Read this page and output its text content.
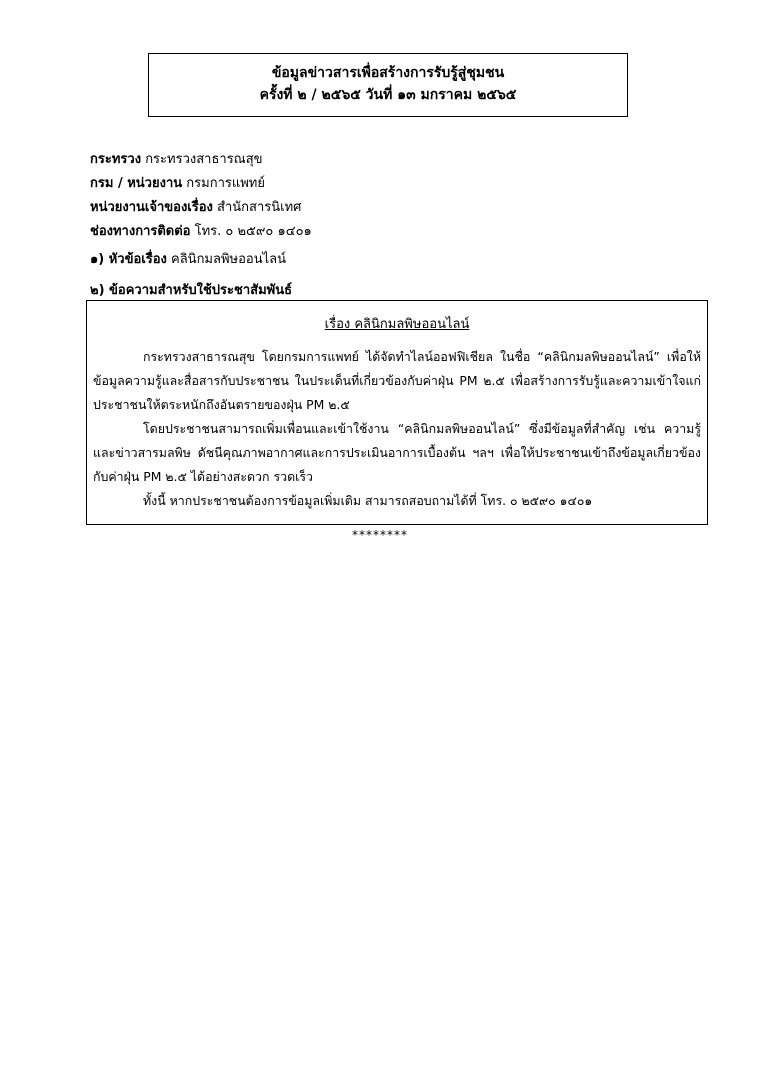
ข้อมูลข่าวสารเพื่อสร้างการรับรู้สู่ชุมชน
ครั้งที่ ๒ / ๒๕๖๕ วันที่ ๑๓ มกราคม ๒๕๖๕
กระทรวง กระทรวงสาธารณสุข
กรม / หน่วยงาน กรมการแพทย์
หน่วยงานเจ้าของเรื่อง สำนักสารนิเทศ
ช่องทางการติดต่อ โทร. ๐ ๒๕๙๐ ๑๔๐๑
๑) หัวข้อเรื่อง คลินิกมลพิษออนไลน์
๒) ข้อความสำหรับใช้ประชาสัมพันธ์
เรื่อง คลินิกมลพิษออนไลน์
กระทรวงสาธารณสุข โดยกรมการแพทย์ ได้จัดทำไลน์ออฟฟิเชียล ในชื่อ “คลินิกมลพิษออนไลน์” เพื่อให้ข้อมูลความรู้และสื่อสารกับประชาชน ในประเด็นที่เกี่ยวข้องกับค่าฝุ่น PM ๒.๕ เพื่อสร้างการรับรู้และความเข้าใจแก่ประชาชนให้ตระหนักถึงอันตรายของฝุ่น PM ๒.๕
โดยประชาชนสามารถเพิ่มเพื่อนและเข้าใช้งาน “คลินิกมลพิษออนไลน์” ซึ่งมีข้อมูลที่สำคัญ เช่น ความรู้และข่าวสารมลพิษ ดัชนีคุณภาพอากาศและการประเมินอาการเบื้องต้น ฯลฯ เพื่อให้ประชาชนเข้าถึงข้อมูลเกี่ยวข้องกับค่าฝุ่น PM ๒.๕ ได้อย่างสะดวก รวดเร็ว
ทั้งนี้ หากประชาชนต้องการข้อมูลเพิ่มเติม สามารถสอบถามได้ที่ โทร. ๐ ๒๕๙๐ ๑๔๐๑
********
